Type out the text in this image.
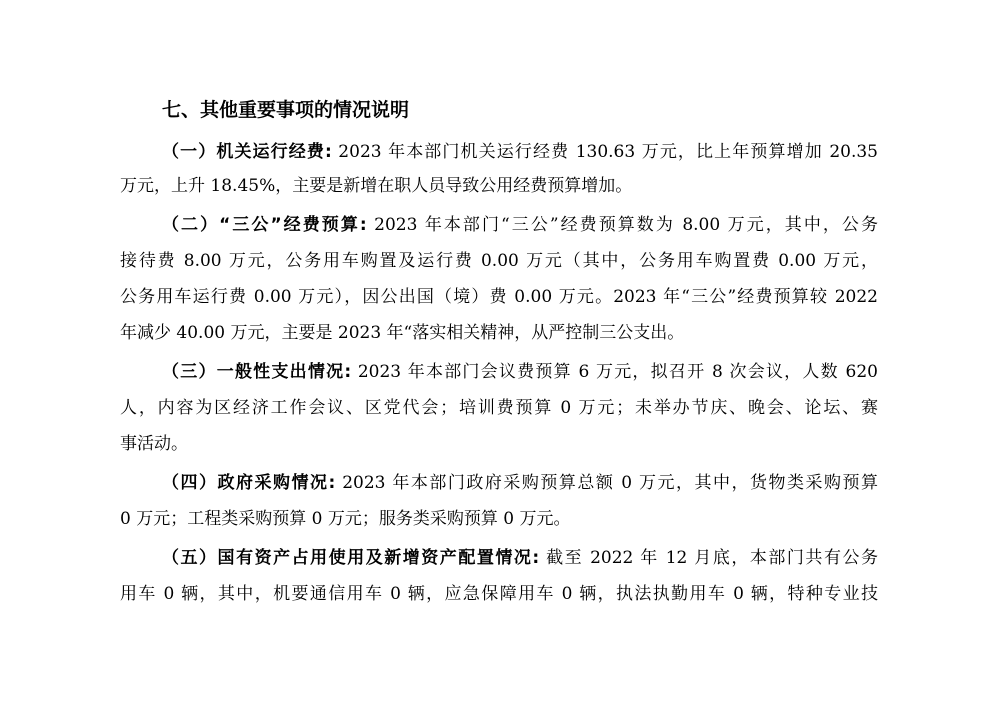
七、其他重要事项的情况说明
（一）机关运行经费: 2023 年本部门机关运行经费 130.63 万元，比上年预算增加 20.35
万元，上升 18.45%，主要是新增在职人员导致公用经费预算增加。
（二）“三公”经费预算: 2023 年本部门“三公”经费预算数为 8.00 万元，其中，公务
接待费 8.00 万元，公务用车购置及运行费 0.00 万元（其中，公务用车购置费 0.00 万元，
公务用车运行费 0.00 万元），因公出国（境）费 0.00 万元。2023 年“三公”经费预算较 2022
年减少 40.00 万元，主要是 2023 年“落实相关精神，从严控制三公支出。
（三）一般性支出情况: 2023 年本部门会议费预算 6 万元，拟召开 8 次会议，人数 620
人，内容为区经济工作会议、区党代会；培训费预算 0 万元；未举办节庆、晚会、论坛、赛
事活动。
（四）政府采购情况: 2023 年本部门政府采购预算总额 0 万元，其中，货物类采购预算
0 万元；工程类采购预算 0 万元；服务类采购预算 0 万元。
（五）国有资产占用使用及新增资产配置情况: 截至 2022 年 12 月底，本部门共有公务
用车 0 辆，其中，机要通信用车 0 辆，应急保障用车 0 辆，执法执勤用车 0 辆，特种专业技
